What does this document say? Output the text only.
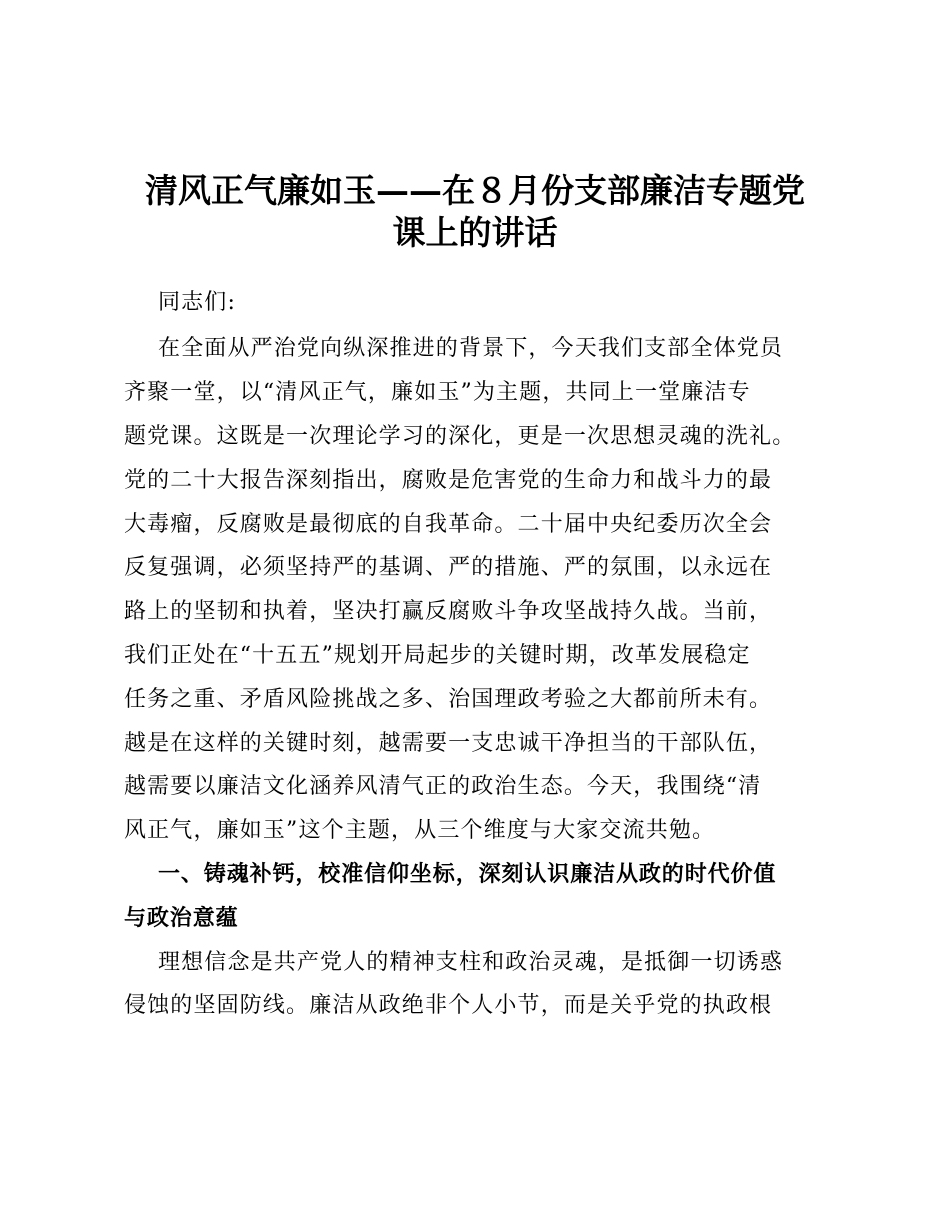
清风正气廉如玉——在８月份支部廉洁专题党
课上的讲话
同志们:
在全面从严治党向纵深推进的背景下，今天我们支部全体党员
齐聚一堂，以“清风正气，廉如玉”为主题，共同上一堂廉洁专
题党课。这既是一次理论学习的深化，更是一次思想灵魂的洗礼。
党的二十大报告深刻指出，腐败是危害党的生命力和战斗力的最
大毒瘤，反腐败是最彻底的自我革命。二十届中央纪委历次全会
反复强调，必须坚持严的基调、严的措施、严的氛围，以永远在
路上的坚韧和执着，坚决打赢反腐败斗争攻坚战持久战。当前，
我们正处在“十五五”规划开局起步的关键时期，改革发展稳定
任务之重、矛盾风险挑战之多、治国理政考验之大都前所未有。
越是在这样的关键时刻，越需要一支忠诚干净担当的干部队伍，
越需要以廉洁文化涵养风清气正的政治生态。今天，我围绕“清
风正气，廉如玉”这个主题，从三个维度与大家交流共勉。
一、铸魂补钙，校准信仰坐标，深刻认识廉洁从政的时代价值
与政治意蕴
理想信念是共产党人的精神支柱和政治灵魂，是抵御一切诱惑
侵蚀的坚固防线。廉洁从政绝非个人小节，而是关乎党的执政根
